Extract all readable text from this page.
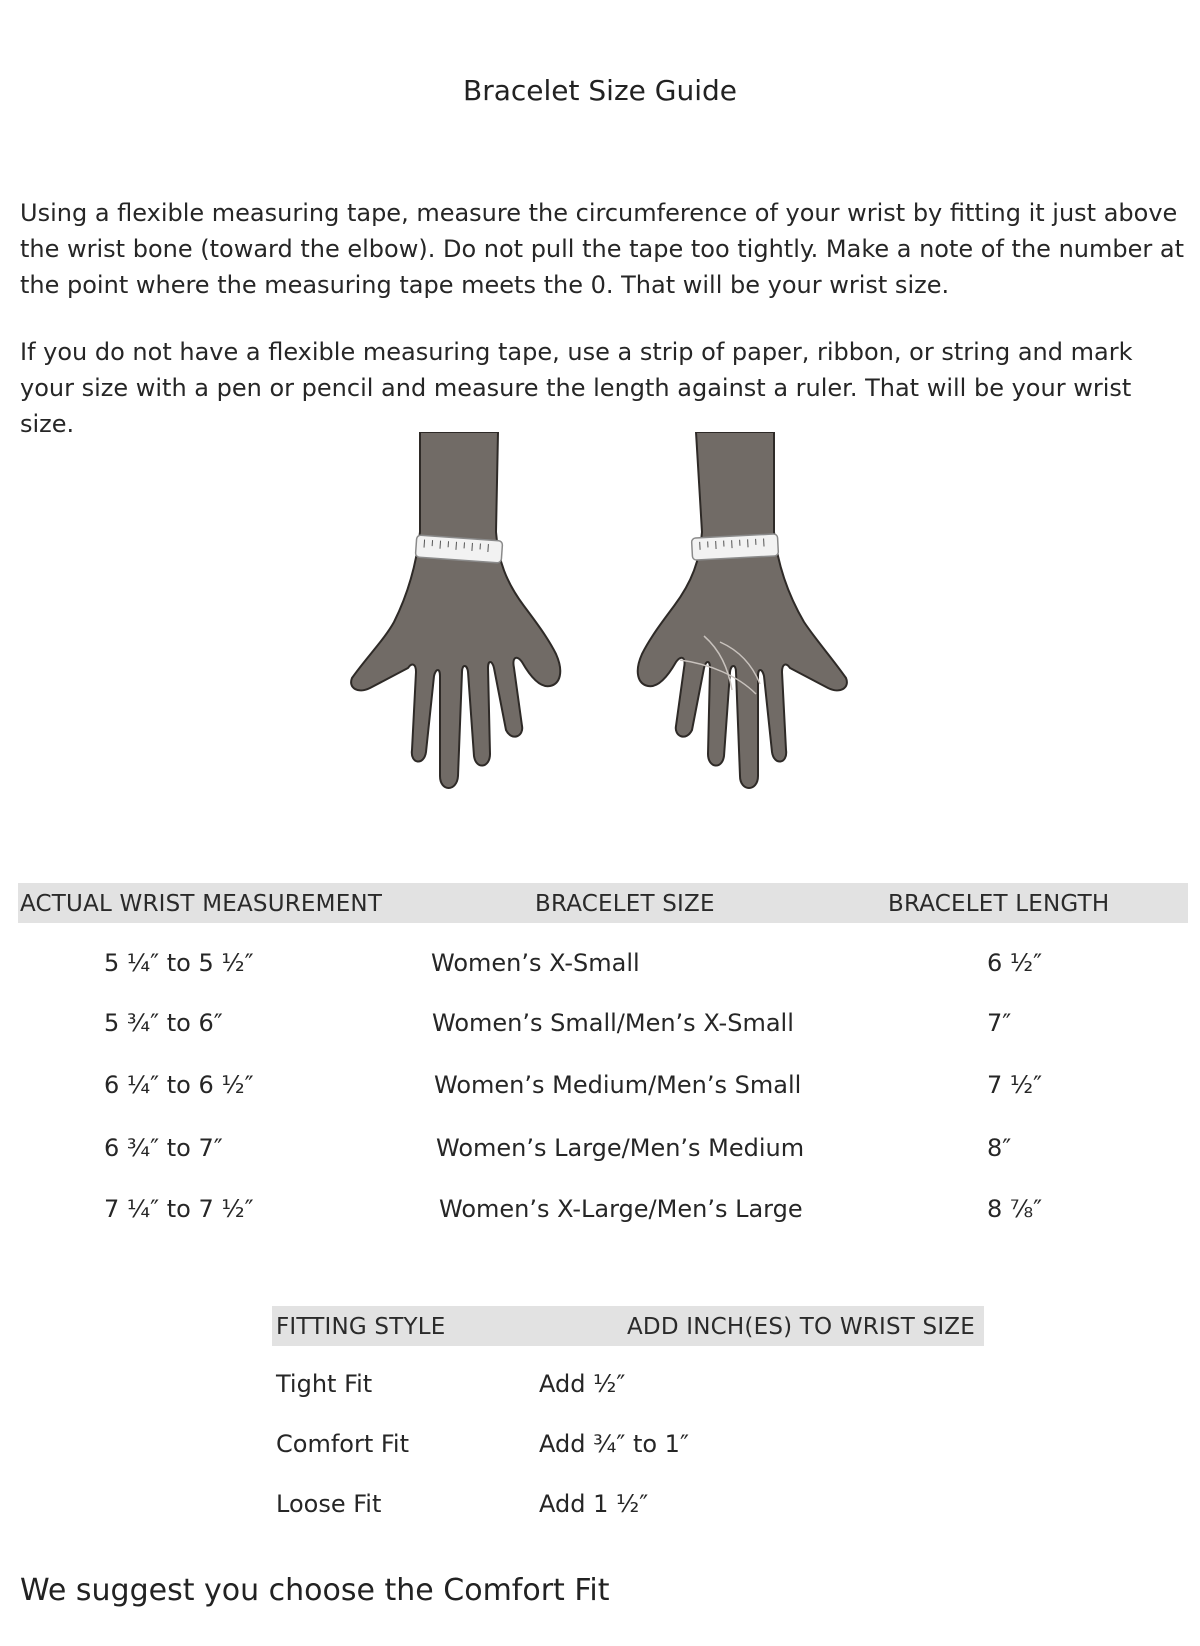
Bracelet Size Guide

Using a flexible measuring tape, measure the circumference of your wrist by fitting it just above the wrist bone (toward the elbow). Do not pull the tape too tightly. Make a note of the number at the point where the measuring tape meets the 0. That will be your wrist size.

If you do not have a flexible measuring tape, use a strip of paper, ribbon, or string and mark your size with a pen or pencil and measure the length against a ruler. That will be your wrist size.

ACTUAL WRIST MEASUREMENT	BRACELET SIZE	BRACELET LENGTH
5 ¼″ to 5 ½″	Women’s X-Small	6 ½″
5 ¾″ to 6″	Women’s Small/Men’s X-Small	7″
6 ¼″ to 6 ½″	Women’s Medium/Men’s Small	7 ½″
6 ¾″ to 7″	Women’s Large/Men’s Medium	8″
7 ¼″ to 7 ½″	Women’s X-Large/Men’s Large	8 ⅞″
FITTING STYLE	ADD INCH(ES) TO WRIST SIZE
Tight Fit	Add ½″
Comfort Fit	Add ¾″ to 1″
Loose Fit	Add 1 ½″
We suggest you choose the Comfort Fit
